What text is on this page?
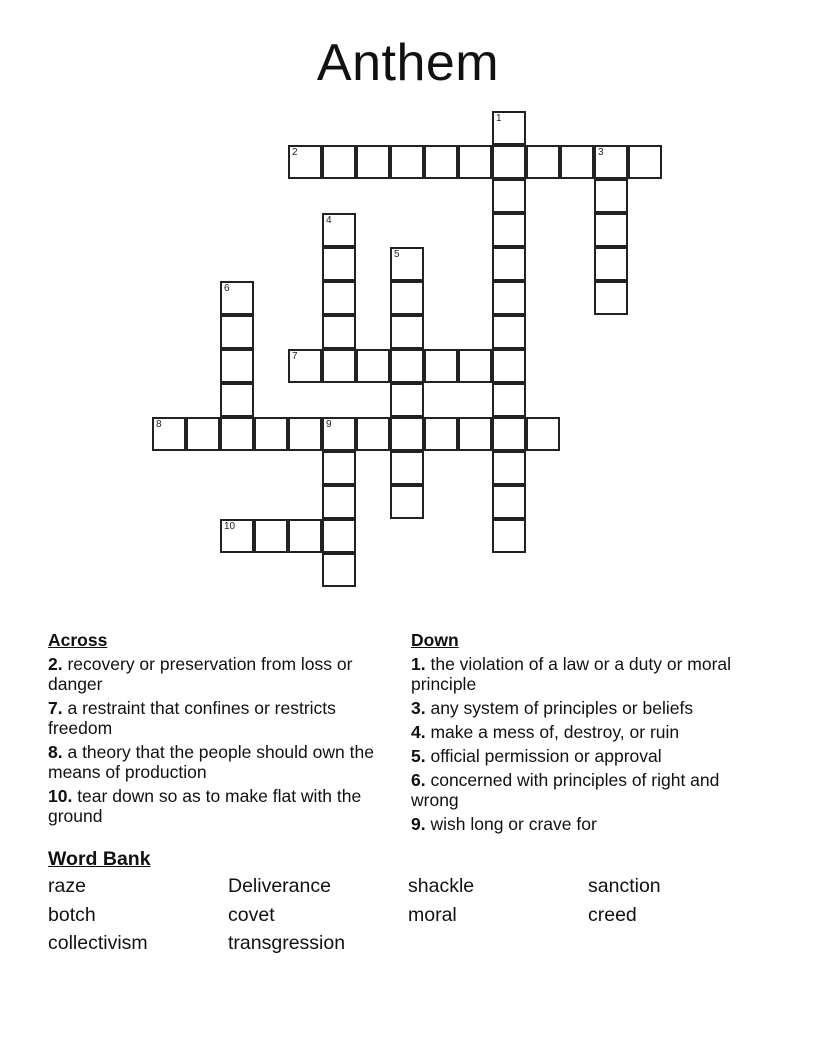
Anthem
1
2	3
4
5
6
7
8	9
10
Across
2. recovery or preservation from loss or danger
7. a restraint that confines or restricts freedom
8. a theory that the people should own the means of production
10. tear down so as to make flat with the ground
Down
1. the violation of a law or a duty or moral principle
3. any system of principles or beliefs
4. make a mess of, destroy, or ruin
5. official permission or approval
6. concerned with principles of right and wrong
9. wish long or crave for
Word Bank
raze	Deliverance	shackle	sanction
botch	covet	moral	creed
collectivism	transgression
